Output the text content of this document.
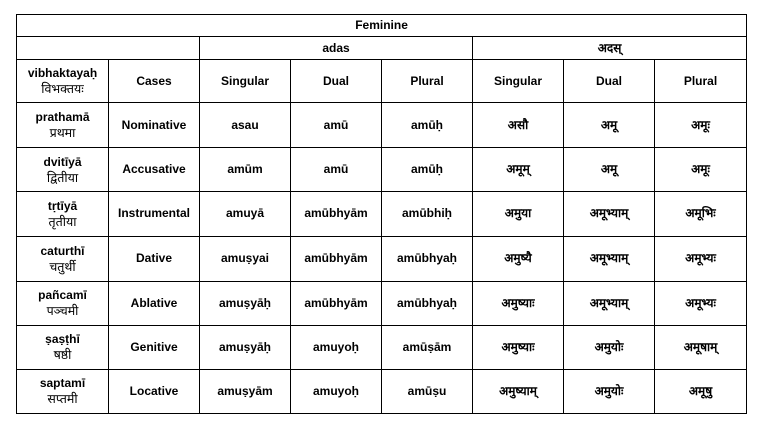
Feminine							
		adas			अदस्		

vibhaktayaḥ
विभक्तयः	Cases	Singular	Dual	Plural	Singular	Dual	Plural

prathamā
प्रथमा	Nominative	asau	amū	amūḥ	असौ	अमू	अमूः

dvitīyā
द्वितीया	Accusative	amūm	amū	amūḥ	अमूम्	अमू	अमूः

tṛtīyā
तृतीया	Instrumental	amuyā	amūbhyām	amūbhiḥ	अमुया	अमूभ्याम्	अमूभिः

caturthī
चतुर्थी	Dative	amuṣyai	amūbhyām	amūbhyaḥ	अमुष्यै	अमूभ्याम्	अमूभ्यः

pañcamī
पञ्चमी	Ablative	amuṣyāḥ	amūbhyām	amūbhyaḥ	अमुष्याः	अमूभ्याम्	अमूभ्यः

ṣaṣṭhī
षष्ठी	Genitive	amuṣyāḥ	amuyoḥ	amūṣām	अमुष्याः	अमुयोः	अमूषाम्

saptamī
सप्तमी	Locative	amuṣyām	amuyoḥ	amūṣu	अमुष्याम्	अमुयोः	अमूषु
